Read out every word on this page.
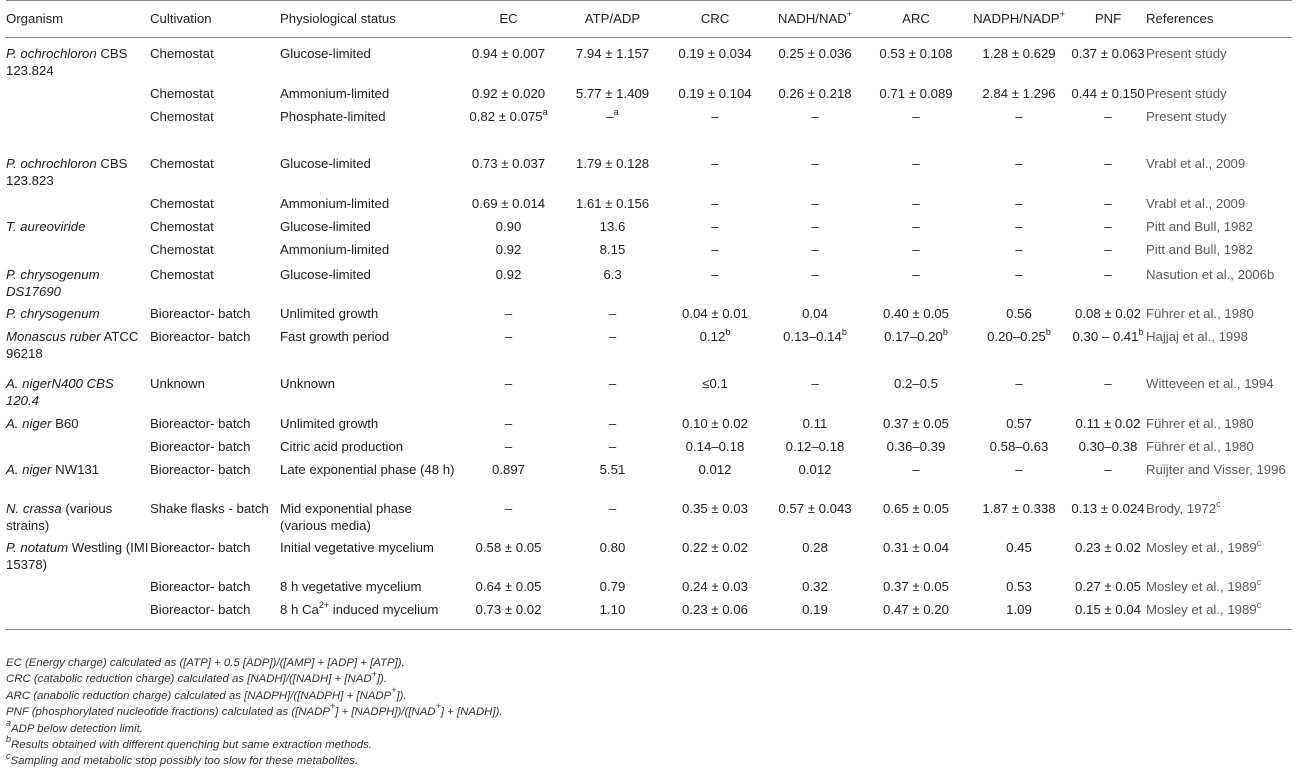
Organism	Cultivation	Physiological status	EC	ATP/ADP	CRC	NADH/NAD+	ARC	NADPH/NADP+	PNF	References
P. ochrochloron CBS 123.824	Chemostat	Glucose-limited	0.94 ± 0.007	7.94 ± 1.157	0.19 ± 0.034	0.25 ± 0.036	0.53 ± 0.108	1.28 ± 0.629	0.37 ± 0.063	Present study
	Chemostat	Ammonium-limited	0.92 ± 0.020	5.77 ± 1.409	0.19 ± 0.104	0.26 ± 0.218	0.71 ± 0.089	2.84 ± 1.296	0.44 ± 0.150	Present study
	Chemostat	Phosphate-limited	0.82 ± 0.075$^a$	–$^a$	–	–	–	–	–	Present study
P. ochrochloron CBS 123.823	Chemostat	Glucose-limited	0.73 ± 0.037	1.79 ± 0.128	–	–	–	–	–	Vrabl et al., 2009
	Chemostat	Ammonium-limited	0.69 ± 0.014	1.61 ± 0.156	–	–	–	–	–	Vrabl et al., 2009
T. aureoviride	Chemostat	Glucose-limited	0.90	13.6	–	–	–	–	–	Pitt and Bull, 1982
	Chemostat	Ammonium-limited	0.92	8.15	–	–	–	–	–	Pitt and Bull, 1982
P. chrysogenum DS17690	Chemostat	Glucose-limited	0.92	6.3	–	–	–	–	–	Nasution et al., 2006b
P. chrysogenum	Bioreactor- batch	Unlimited growth	–	–	0.04 ± 0.01	0.04	0.40 ± 0.05	0.56	0.08 ± 0.02	Führer et al., 1980
Monascus ruber ATCC 96218	Bioreactor- batch	Fast growth period	–	–	0.12$^b$	0.13–0.14$^b$	0.17–0.20$^b$	0.20–0.25$^b$	0.30 – 0.41$^b$	Hajjaj et al., 1998
A. nigerN400 CBS 120.4	Unknown	Unknown	–	–	≤0.1	–	0.2–0.5	–	–	Witteveen et al., 1994
A. niger B60	Bioreactor- batch	Unlimited growth	–	–	0.10 ± 0.02	0.11	0.37 ± 0.05	0.57	0.11 ± 0.02	Führer et al., 1980
	Bioreactor- batch	Citric acid production	–	–	0.14–0.18	0.12–0.18	0.36–0.39	0.58–0.63	0.30–0.38	Führer et al., 1980
A. niger NW131	Bioreactor- batch	Late exponential phase (48 h)	0.897	5.51	0.012	0.012	–	–	–	Ruijter and Visser, 1996
N. crassa (various strains)	Shake flasks - batch	Mid exponential phase (various media)	–	–	0.35 ± 0.03	0.57 ± 0.043	0.65 ± 0.05	1.87 ± 0.338	0.13 ± 0.024	Brody, 1972$^c$
P. notatum Westling (IMI 15378)	Bioreactor- batch	Initial vegetative mycelium	0.58 ± 0.05	0.80	0.22 ± 0.02	0.28	0.31 ± 0.04	0.45	0.23 ± 0.02	Mosley et al., 1989$^c$
	Bioreactor- batch	8 h vegetative mycelium	0.64 ± 0.05	0.79	0.24 ± 0.03	0.32	0.37 ± 0.05	0.53	0.27 ± 0.05	Mosley et al., 1989$^c$
	Bioreactor- batch	8 h $Ca^{2+}$ induced mycelium	0.73 ± 0.02	1.10	0.23 ± 0.06	0.19	0.47 ± 0.20	1.09	0.15 ± 0.04	Mosley et al., 1989$^c$
EC (Energy charge) calculated as ([ATP] + 0.5 [ADP])/([AMP] + [ADP] + [ATP]).
CRC (catabolic reduction charge) calculated as [NADH]/([NADH] + [NAD+]).
ARC (anabolic reduction charge) calculated as [NADPH]/([NADPH] + [NADP+]).
PNF (phosphorylated nucleotide fractions) calculated as ([NADP+] + [NADPH])/([NAD+] + [NADH]).
$^a$ADP below detection limit.
$^b$Results obtained with different quenching but same extraction methods.
$^c$Sampling and metabolic stop possibly too slow for these metabolites.
